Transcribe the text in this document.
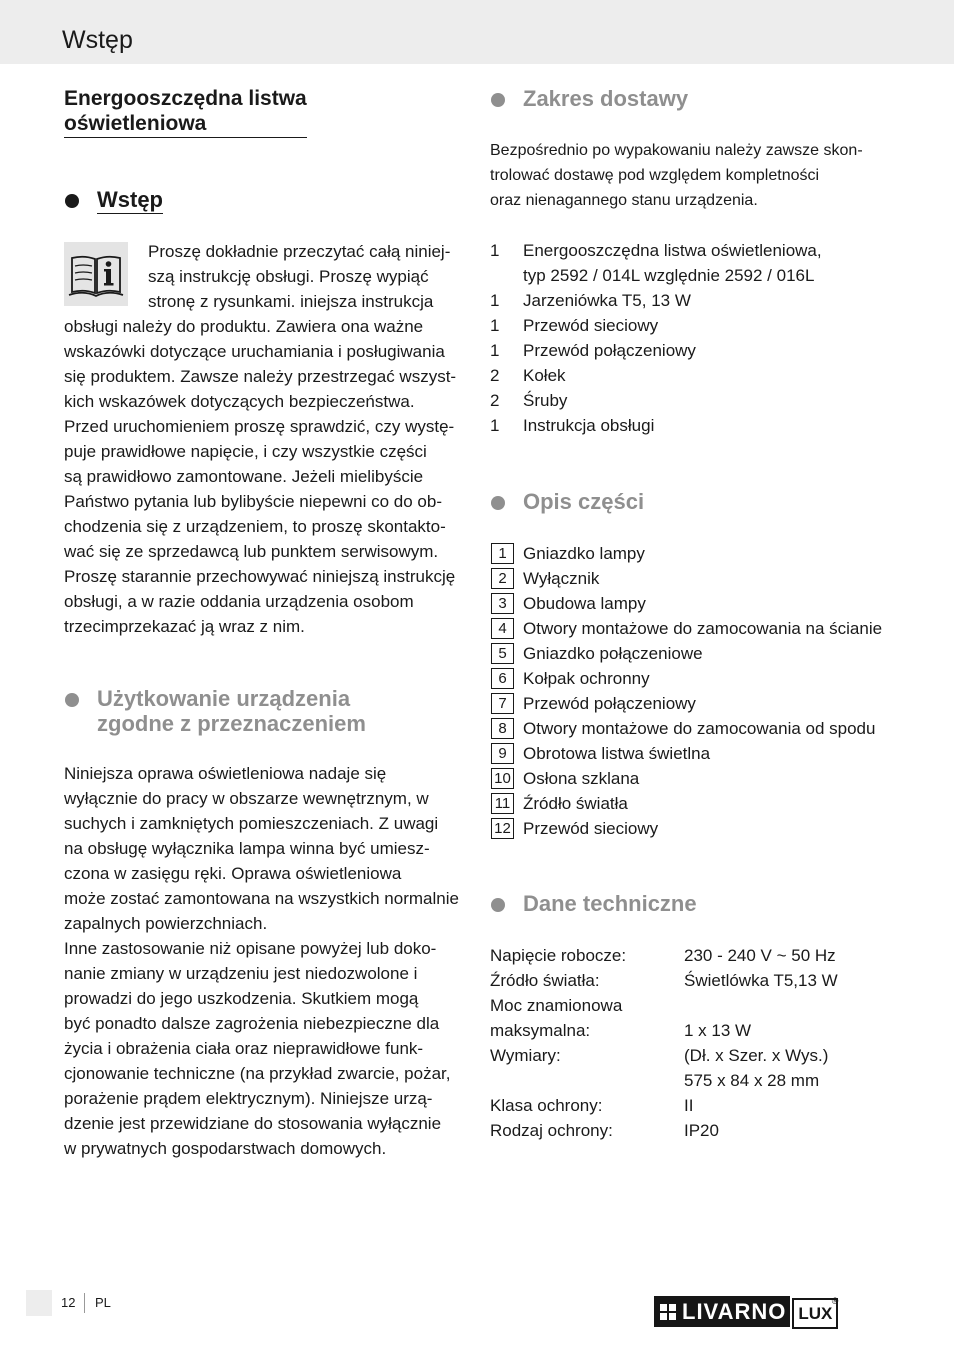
Wstęp
Energooszczędna listwa
oświetleniowa
Wstęp

Proszę dokładnie przeczytać całą niniej-
szą instrukcję obsługi. Proszę wypiąć
stronę z rysunkami. iniejsza instrukcja
obsługi należy do produktu. Zawiera ona ważne
wskazówki dotyczące uruchamiania i posługiwania
się produktem. Zawsze należy przestrzegać wszyst-
kich wskazówek dotyczących bezpieczeństwa.
Przed uruchomieniem proszę sprawdzić, czy wystę-
puje prawidłowe napięcie, i czy wszystkie części
są prawidłowo zamontowane. Jeżeli mielibyście
Państwo pytania lub bylibyście niepewni co do ob-
chodzenia się z urządzeniem, to proszę skontakto-
wać się ze sprzedawcą lub punktem serwisowym.
Proszę starannie przechowywać niniejszą instrukcję
obsługi, a w razie oddania urządzenia osobom
trzecimprzekazać ją wraz z nim.

Użytkowanie urządzenia
zgodne z przeznaczeniem

Niniejsza oprawa oświetleniowa nadaje się
wyłącznie do pracy w obszarze wewnętrznym, w
suchych i zamkniętych pomieszczeniach. Z uwagi
na obsługę wyłącznika lampa winna być umiesz-
czona w zasięgu ręki. Oprawa oświetleniowa
może zostać zamontowana na wszystkich normalnie
zapalnych powierzchniach.
Inne zastosowanie niż opisane powyżej lub doko-
nanie zmiany w urządzeniu jest niedozwolone i
prowadzi do jego uszkodzenia. Skutkiem mogą
być ponadto dalsze zagrożenia niebezpieczne dla
życia i obrażenia ciała oraz nieprawidłowe funk-
cjonowanie techniczne (na przykład zwarcie, pożar,
porażenie prądem elektrycznym). Niniejsze urzą-
dzenie jest przewidziane do stosowania wyłącznie
w prywatnych gospodarstwach domowych.

Zakres dostawy

Bezpośrednio po wypakowaniu należy zawsze skon-
trolować dostawę pod względem kompletności
oraz nienagannego stanu urządzenia.

1 Energooszczędna listwa oświetleniowa,
typ 2592 / 014L względnie 2592 / 016L
1 Jarzeniówka T5, 13 W
1 Przewód sieciowy
1 Przewód połączeniowy
2 Kołek
2 Śruby
1 Instrukcja obsługi
Opis części
1 Gniazdko lampy
2 Wyłącznik
3 Obudowa lampy
4 Otwory montażowe do zamocowania na ścianie
5 Gniazdko połączeniowe
6 Kołpak ochronny
7 Przewód połączeniowy
8 Otwory montażowe do zamocowania od spodu
9 Obrotowa listwa świetlna
10 Osłona szklana
11 Źródło światła
12 Przewód sieciowy
Dane techniczne
Napięcie robocze:	230 - 240 V ~ 50 Hz
Źródło światła:	Świetlówka T5,13 W
Moc znamionowa
maksymalna:	1 x 13 W
Wymiary:	(Dł. x Szer. x Wys.)
575 x 84 x 28 mm
Klasa ochrony:	II
Rodzaj ochrony:	IP20
12 PL	LIVARNO LUX
®
